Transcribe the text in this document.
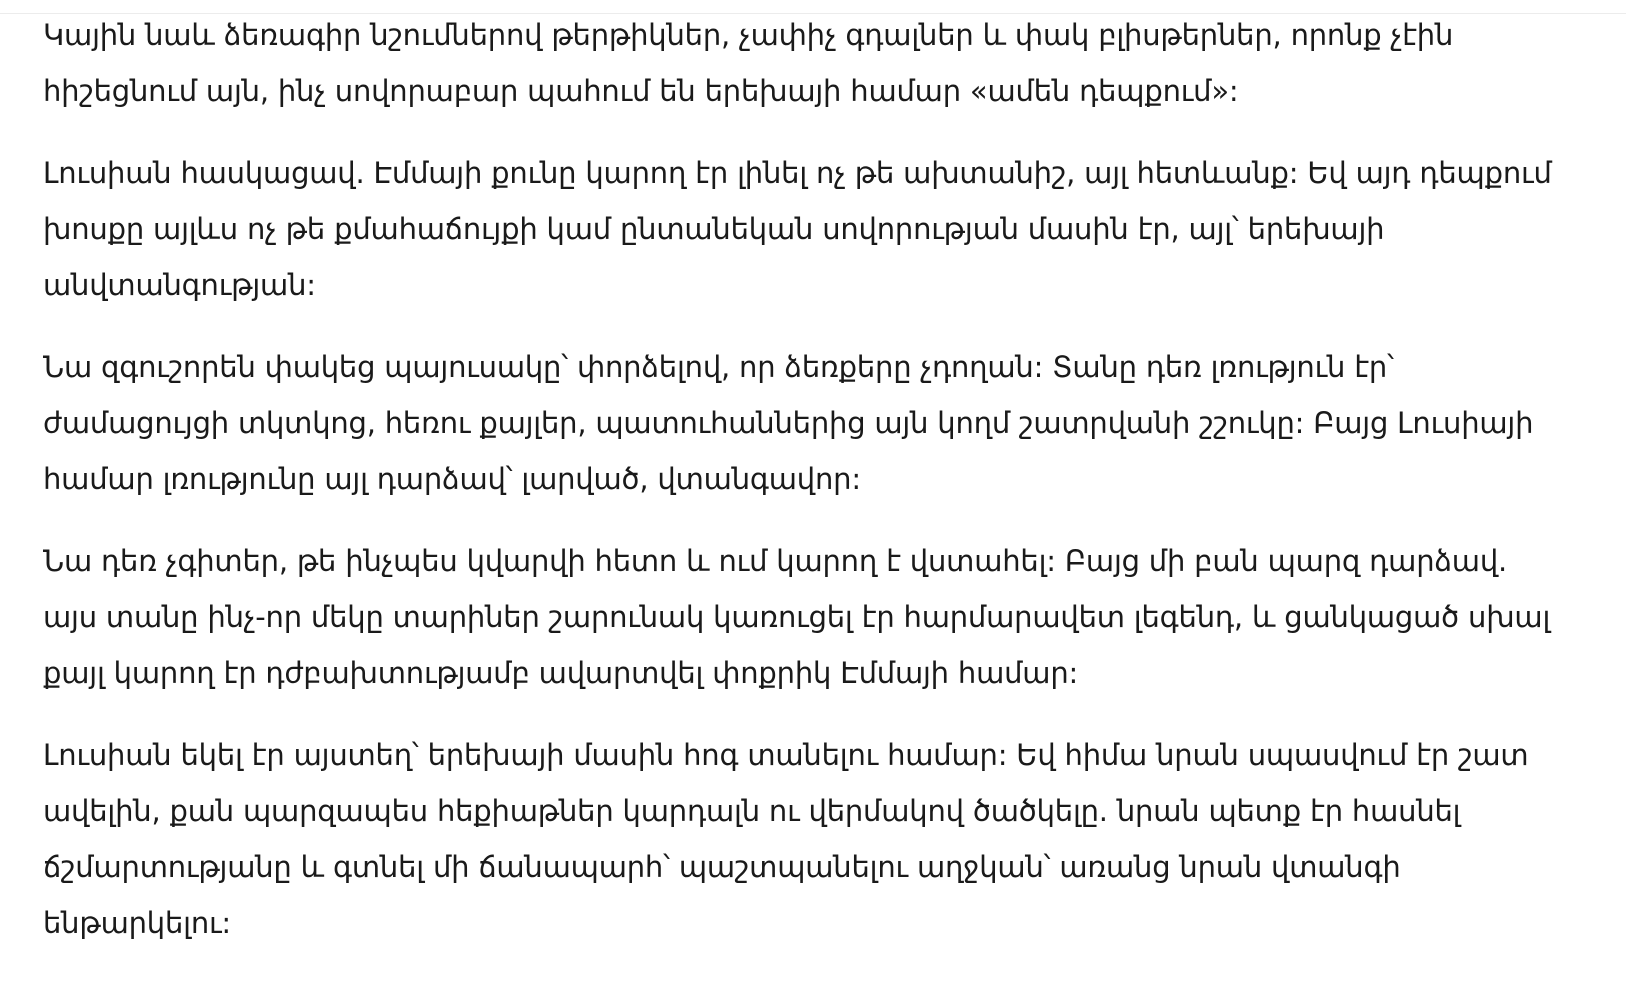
Կային նաև ձեռագիր նշումներով թերթիկներ, չափիչ գդալներ և փակ բլիսթերներ, որոնք չէին հիշեցնում այն, ինչ սովորաբար պահում են երեխայի համար «ամեն դեպքում»:

Լուսիան հասկացավ. Էմմայի քունը կարող էր լինել ոչ թե ախտանիշ, այլ հետևանք: Եվ այդ դեպքում խոսքը այլևս ոչ թե քմահաճույքի կամ ընտանեկան սովորության մասին էր, այլ՝ երեխայի անվտանգության:

Նա զգուշորեն փակեց պայուսակը՝ փորձելով, որ ձեռքերը չդողան: Տանը դեռ լռություն էր՝ ժամացույցի տկտկոց, հեռու քայլեր, պատուհաններից այն կողմ շատրվանի շշուկը: Բայց Լուսիայի համար լռությունը այլ դարձավ՝ լարված, վտանգավոր:

Նա դեռ չգիտեր, թե ինչպես կվարվի հետո և ում կարող է վստահել: Բայց մի բան պարզ դարձավ. այս տանը ինչ-որ մեկը տարիներ շարունակ կառուցել էր հարմարավետ լեգենդ, և ցանկացած սխալ քայլ կարող էր դժբախտությամբ ավարտվել փոքրիկ Էմմայի համար:

Լուսիան եկել էր այստեղ՝ երեխայի մասին հոգ տանելու համար: Եվ հիմա նրան սպասվում էր շատ ավելին, քան պարզապես հեքիաթներ կարդալն ու վերմակով ծածկելը. նրան պետք էր հասնել ճշմարտությանը և գտնել մի ճանապարհ՝ պաշտպանելու աղջկան՝ առանց նրան վտանգի ենթարկելու:
